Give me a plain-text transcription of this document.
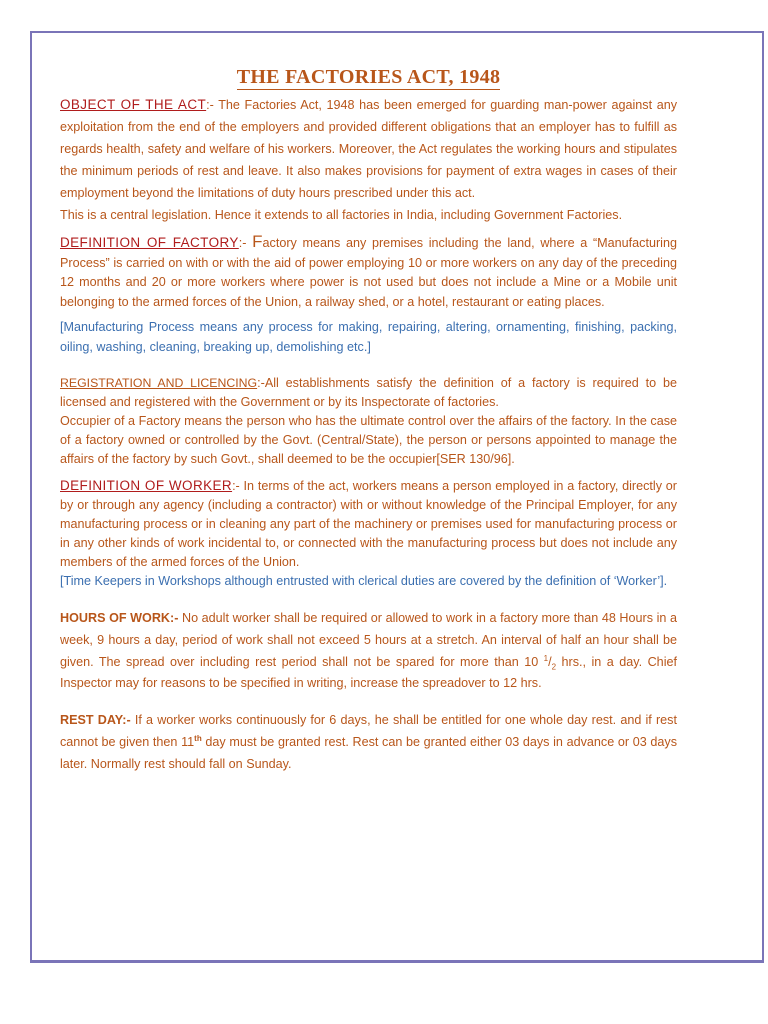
THE FACTORIES ACT, 1948

OBJECT OF THE ACT:- The Factories Act, 1948 has been emerged for guarding man-power against any exploitation from the end of the employers and provided different obligations that an employer has to fulfill as regards health, safety and welfare of his workers. Moreover, the Act regulates the working hours and stipulates the minimum periods of rest and leave. It also makes provisions for payment of extra wages in cases of their employment beyond the limitations of duty hours prescribed under this act.

This is a central legislation. Hence it extends to all factories in India, including Government Factories.

DEFINITION OF FACTORY:- Factory means any premises including the land, where a “Manufacturing Process” is carried on with or with the aid of power employing 10 or more workers on any day of the preceding 12 months and 20 or more workers where power is not used but does not include a Mine or a Mobile unit belonging to the armed forces of the Union, a railway shed, or a hotel, restaurant or eating places.

[Manufacturing Process means any process for making, repairing, altering, ornamenting, finishing, packing, oiling, washing, cleaning, breaking up, demolishing etc.]

REGISTRATION AND LICENCING:-All establishments satisfy the definition of a factory is required to be licensed and registered with the Government or by its Inspectorate of factories.

Occupier of a Factory means the person who has the ultimate control over the affairs of the factory. In the case of a factory owned or controlled by the Govt. (Central/State), the person or persons appointed to manage the affairs of the factory by such Govt., shall deemed to be the occupier[SER 130/96].

DEFINITION OF WORKER:- In terms of the act, workers means a person employed in a factory, directly or by or through any agency (including a contractor) with or without knowledge of the Principal Employer, for any manufacturing process or in cleaning any part of the machinery or premises used for manufacturing process or in any other kinds of work incidental to, or connected with the manufacturing process but does not include any members of the armed forces of the Union.

[Time Keepers in Workshops although entrusted with clerical duties are covered by the definition of ‘Worker’].

HOURS OF WORK:- No adult worker shall be required or allowed to work in a factory more than 48 Hours in a week, 9 hours a day, period of work shall not exceed 5 hours at a stretch. An interval of half an hour shall be given. The spread over including rest period shall not be spared for more than 10 $^1/_2$ hrs., in a day. Chief Inspector may for reasons to be specified in writing, increase the spreadover to 12 hrs.

REST DAY:- If a worker works continuously for 6 days, he shall be entitled for one whole day rest. and if rest cannot be given then 11th day must be granted rest. Rest can be granted either 03 days in advance or 03 days later. Normally rest should fall on Sunday.
